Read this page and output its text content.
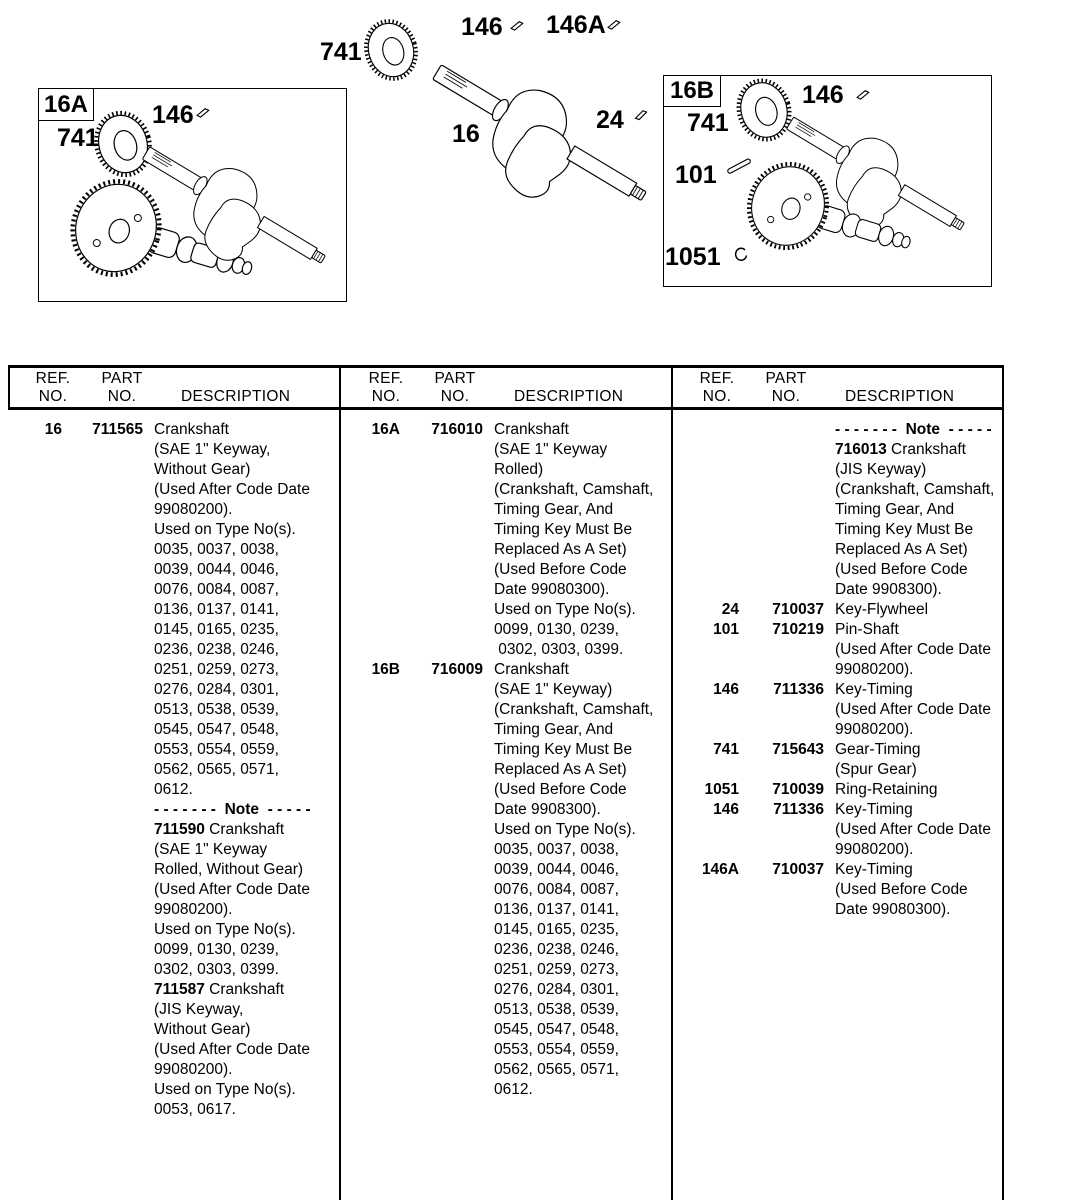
16A	16B
741
146 146A
16	24
741
146	741
146
101
1051
REF.
NO.
PART
NO.	DESCRIPTION
REF.
NO.
PART
NO.	DESCRIPTION
REF.
NO.
PART
NO.	DESCRIPTION
16	711565 Crankshaft
(SAE 1" Keyway,
Without Gear)
(Used After Code Date
99080200).
Used on Type No(s).
0035, 0037, 0038,
0039, 0044, 0046,
0076, 0084, 0087,
0136, 0137, 0141,
0145, 0165, 0235,
0236, 0238, 0246,
0251, 0259, 0273,
0276, 0284, 0301,
0513, 0538, 0539,
0545, 0547, 0548,
0553, 0554, 0559,
0562, 0565, 0571,
0612.
- - - - - - -  Note  - - - - -
711590 Crankshaft
(SAE 1" Keyway
Rolled, Without Gear)
(Used After Code Date
99080200).
Used on Type No(s).
0099, 0130, 0239,
0302, 0303, 0399.
711587 Crankshaft
(JIS Keyway,
Without Gear)
(Used After Code Date
99080200).
Used on Type No(s).
0053, 0617.
16A	716010 Crankshaft
(SAE 1" Keyway
Rolled)
(Crankshaft, Camshaft,
Timing Gear, And
Timing Key Must Be
Replaced As A Set)
(Used Before Code
Date 99080300).
Used on Type No(s).
0099, 0130, 0239,
0302, 0303, 0399.
16B	716009 Crankshaft
(SAE 1" Keyway)
(Crankshaft, Camshaft,
Timing Gear, And
Timing Key Must Be
Replaced As A Set)
(Used Before Code
Date 9908300).
Used on Type No(s).
0035, 0037, 0038,
0039, 0044, 0046,
0076, 0084, 0087,
0136, 0137, 0141,
0145, 0165, 0235,
0236, 0238, 0246,
0251, 0259, 0273,
0276, 0284, 0301,
0513, 0538, 0539,
0545, 0547, 0548,
0553, 0554, 0559,
0562, 0565, 0571,
0612.
- - - - - - -  Note  - - - - -
716013 Crankshaft
(JIS Keyway)
(Crankshaft, Camshaft,
Timing Gear, And
Timing Key Must Be
Replaced As A Set)
(Used Before Code
Date 9908300).
24	710037 Key-Flywheel
101	710219 Pin-Shaft
(Used After Code Date
99080200).
146	711336 Key-Timing
(Used After Code Date
99080200).
741	715643 Gear-Timing
(Spur Gear)
1051	710039 Ring-Retaining
146	711336 Key-Timing
(Used After Code Date
99080200).
146A	710037 Key-Timing
(Used Before Code
Date 99080300).
